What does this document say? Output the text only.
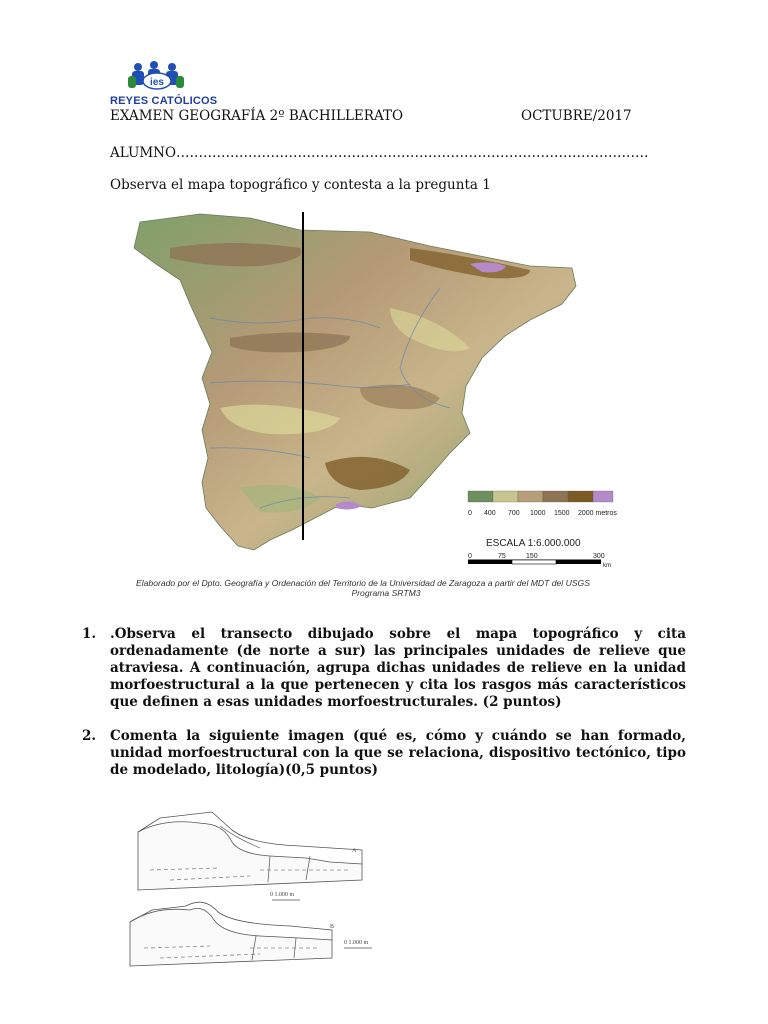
ies
REYES CATÓLICOS
EXAMEN GEOGRAFÍA 2º BACHILLERATO	OCTUBRE/2017
ALUMNO……………………………………………………………………………………………
Observa el mapa topográfico y contesta a la pregunta 1
0 400 700 1000 1500 2000 metros
ESCALA 1:6.000.000
0	75	150	300
km
Elaborado por el Dpto. Geografía y Ordenación del Territorio de la Universidad de Zaragoza a partir del MDT del USGS
Programa SRTM3
1.	.Observa el transecto dibujado sobre el mapa topográfico y cita ordenadamente (de norte a sur) las principales unidades de relieve que atraviesa. A continuación, agrupa dichas unidades de relieve en la unidad morfoestructural a la que pertenecen y cita los rasgos más característicos que definen a esas unidades morfoestructurales. (2 puntos)
2.	Comenta la siguiente imagen (qué es, cómo y cuándo se han formado, unidad morfoestructural con la que se relaciona, dispositivo tectónico, tipo de modelado, litología)(0,5 puntos)
A
B
0 1.000 m
0 1.000 m
